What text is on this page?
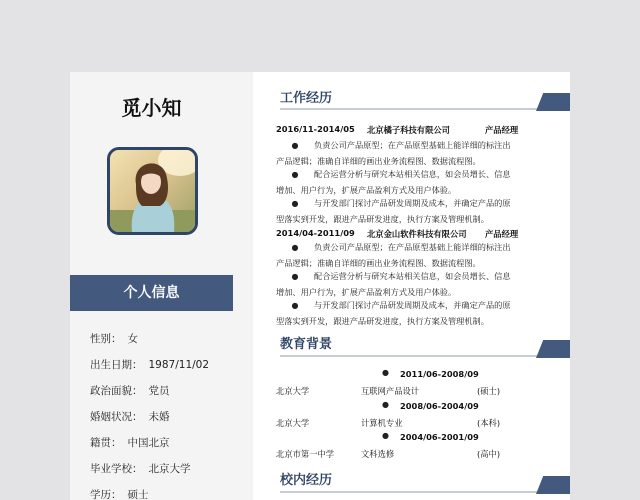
觅小知
个人信息
性别： 女
出生日期： 1987/11/02
政治面貌： 党员
婚姻状况： 未婚
籍贯： 中国北京
毕业学校： 北京大学
学历： 硕士
工作经历
2016/11-2014/05 北京橘子科技有限公司	产品经理
● 负责公司产品原型；在产品原型基础上能详细的标注出
产品逻辑；准确自详细的画出业务流程图、数据流程图。
● 配合运营分析与研究本站相关信息，如会员增长、信息
增加、用户行为，扩展产品盈利方式及用户体验。
● 与开发部门探讨产品研发周期及成本，并确定产品的原
型落实到开发，跟进产品研发进度，执行方案及管理机制。
2014/04-2011/09 北京金山软件科技有限公司 产品经理
● 负责公司产品原型；在产品原型基础上能详细的标注出
产品逻辑；准确自详细的画出业务流程图、数据流程图。
● 配合运营分析与研究本站相关信息，如会员增长、信息
增加、用户行为，扩展产品盈利方式及用户体验。
● 与开发部门探讨产品研发周期及成本，并确定产品的原
型落实到开发，跟进产品研发进度，执行方案及管理机制。
教育背景
● 2011/06-2008/09
北京大学	互联网产品设计	(硕士)
● 2008/06-2004/09
北京大学	计算机专业	(本科)
● 2004/06-2001/09
北京市第一中学	文科选修	(高中)
校内经历
